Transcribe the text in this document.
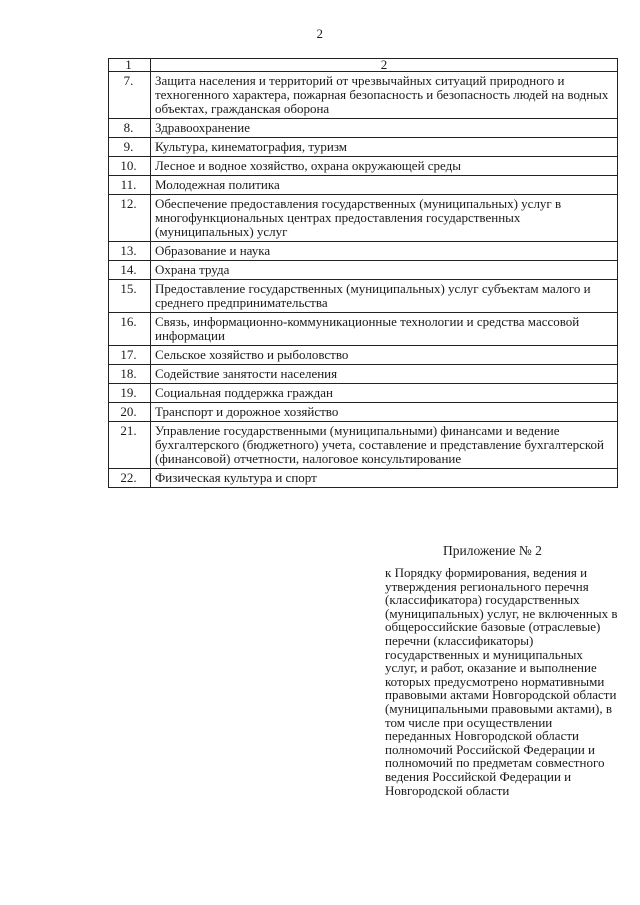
2
1	2
7.	Защита населения и территорий от чрезвычайных ситуаций природного и техногенного характера, пожарная безопасность и безопасность людей на водных объектах, гражданская оборона
8.	Здравоохранение
9.	Культура, кинематография, туризм
10.	Лесное и водное хозяйство, охрана окружающей среды
11.	Молодежная политика
12.	Обеспечение предоставления государственных (муниципальных) услуг в многофункциональных центрах предоставления государственных (муниципальных) услуг
13.	Образование и наука
14.	Охрана труда
15.	Предоставление государственных (муниципальных) услуг субъектам малого и среднего предпринимательства
16.	Связь, информационно-коммуникационные технологии и средства массовой информации
17.	Сельское хозяйство и рыболовство
18.	Содействие занятости населения
19.	Социальная поддержка граждан
20.	Транспорт и дорожное хозяйство
21.	Управление государственными (муниципальными) финансами и ведение бухгалтерского (бюджетного) учета, составление и представление бухгалтерской (финансовой) отчетности, налоговое консультирование
22.	Физическая культура и спорт
Приложение № 2
к Порядку формирования, ведения и утверждения регионального перечня (классификатора) государственных (муниципальных) услуг, не включенных в общероссийские базовые (отраслевые) перечни (классификаторы) государственных и муниципальных услуг, и работ, оказание и выполнение которых предусмотрено нормативными правовыми актами Новгородской области (муниципальными правовыми актами), в том числе при осуществлении переданных Новгородской области полномочий Российской Федерации и полномочий по предметам совместного ведения Российской Федерации и Новгородской области
